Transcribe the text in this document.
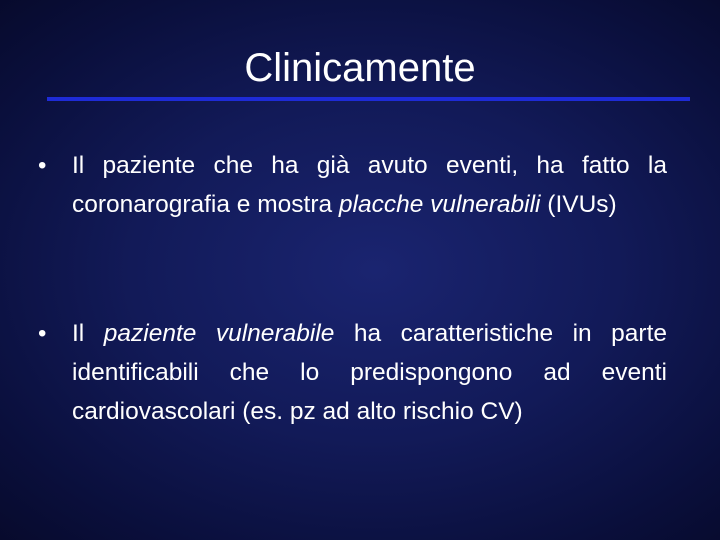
Clinicamente
• Il paziente che ha già avuto eventi, ha fatto la coronarografia e mostra placche vulnerabili (IVUs)
• Il paziente vulnerabile ha caratteristiche in parte identificabili che lo predispongono ad eventi cardiovascolari (es. pz ad alto rischio CV)
